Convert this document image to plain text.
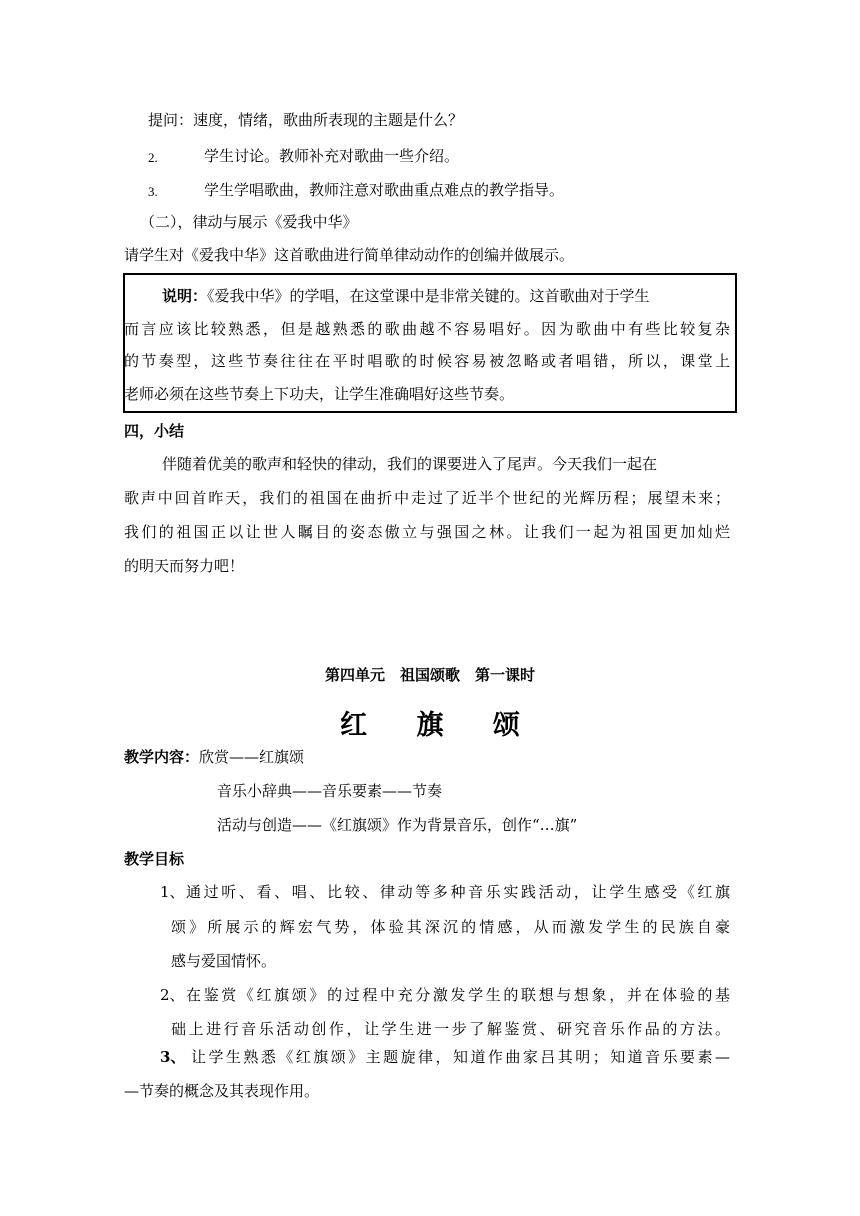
提问：速度，情绪，歌曲所表现的主题是什么？
2.	学生讨论。教师补充对歌曲一些介绍。
3.	学生学唱歌曲，教师注意对歌曲重点难点的教学指导。
（二），律动与展示《爱我中华》
请学生对《爱我中华》这首歌曲进行简单律动动作的创编并做展示。
说明：《爱我中华》的学唱，在这堂课中是非常关键的。这首歌曲对于学生
而言应该比较熟悉，但是越熟悉的歌曲越不容易唱好。因为歌曲中有些比较复杂
的节奏型，这些节奏往往在平时唱歌的时候容易被忽略或者唱错，所以，课堂上
老师必须在这些节奏上下功夫，让学生准确唱好这些节奏。
四，小结
伴随着优美的歌声和轻快的律动，我们的课要进入了尾声。今天我们一起在
歌声中回首昨天，我们的祖国在曲折中走过了近半个世纪的光辉历程；展望未来；
我们的祖国正以让世人瞩目的姿态傲立与强国之林。让我们一起为祖国更加灿烂
的明天而努力吧！
第四单元　祖国颂歌　第一课时
红 旗 颂
教学内容：欣赏——红旗颂
音乐小辞典——音乐要素——节奏
活动与创造——《红旗颂》作为背景音乐，创作“…旗”
教学目标
1、 通过听、看、唱、比较、律动等多种音乐实践活动，让学生感受《红旗
颂》所展示的辉宏气势，体验其深沉的情感，从而激发学生的民族自豪
感与爱国情怀。
2、 在鉴赏《红旗颂》的过程中充分激发学生的联想与想象，并在体验的基
础上进行音乐活动创作，让学生进一步了解鉴赏、研究音乐作品的方法。
3、 让学生熟悉《红旗颂》主题旋律，知道作曲家吕其明；知道音乐要素—
—节奏的概念及其表现作用。
